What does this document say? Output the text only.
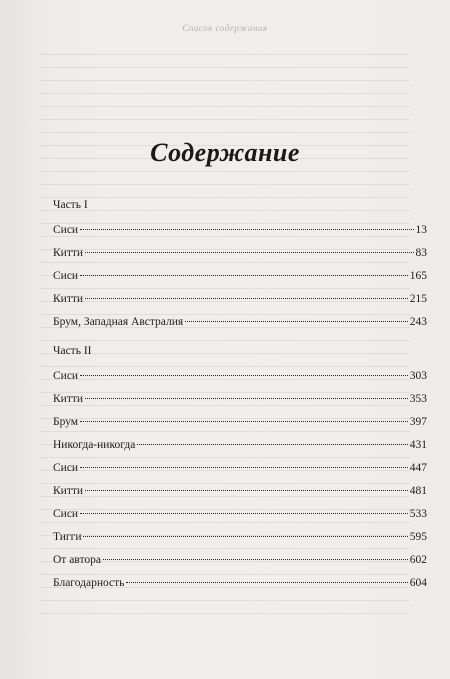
Список содержания
Содержание
Часть I
Сиси	13
Китти	83
Сиси	165
Китти	215
Брум, Западная Австралия	243
Часть II
Сиси	303
Китти	353
Брум	397
Никогда-никогда	431
Сиси	447
Китти	481
Сиси	533
Тигги	595
От автора	602
Благодарность	604
